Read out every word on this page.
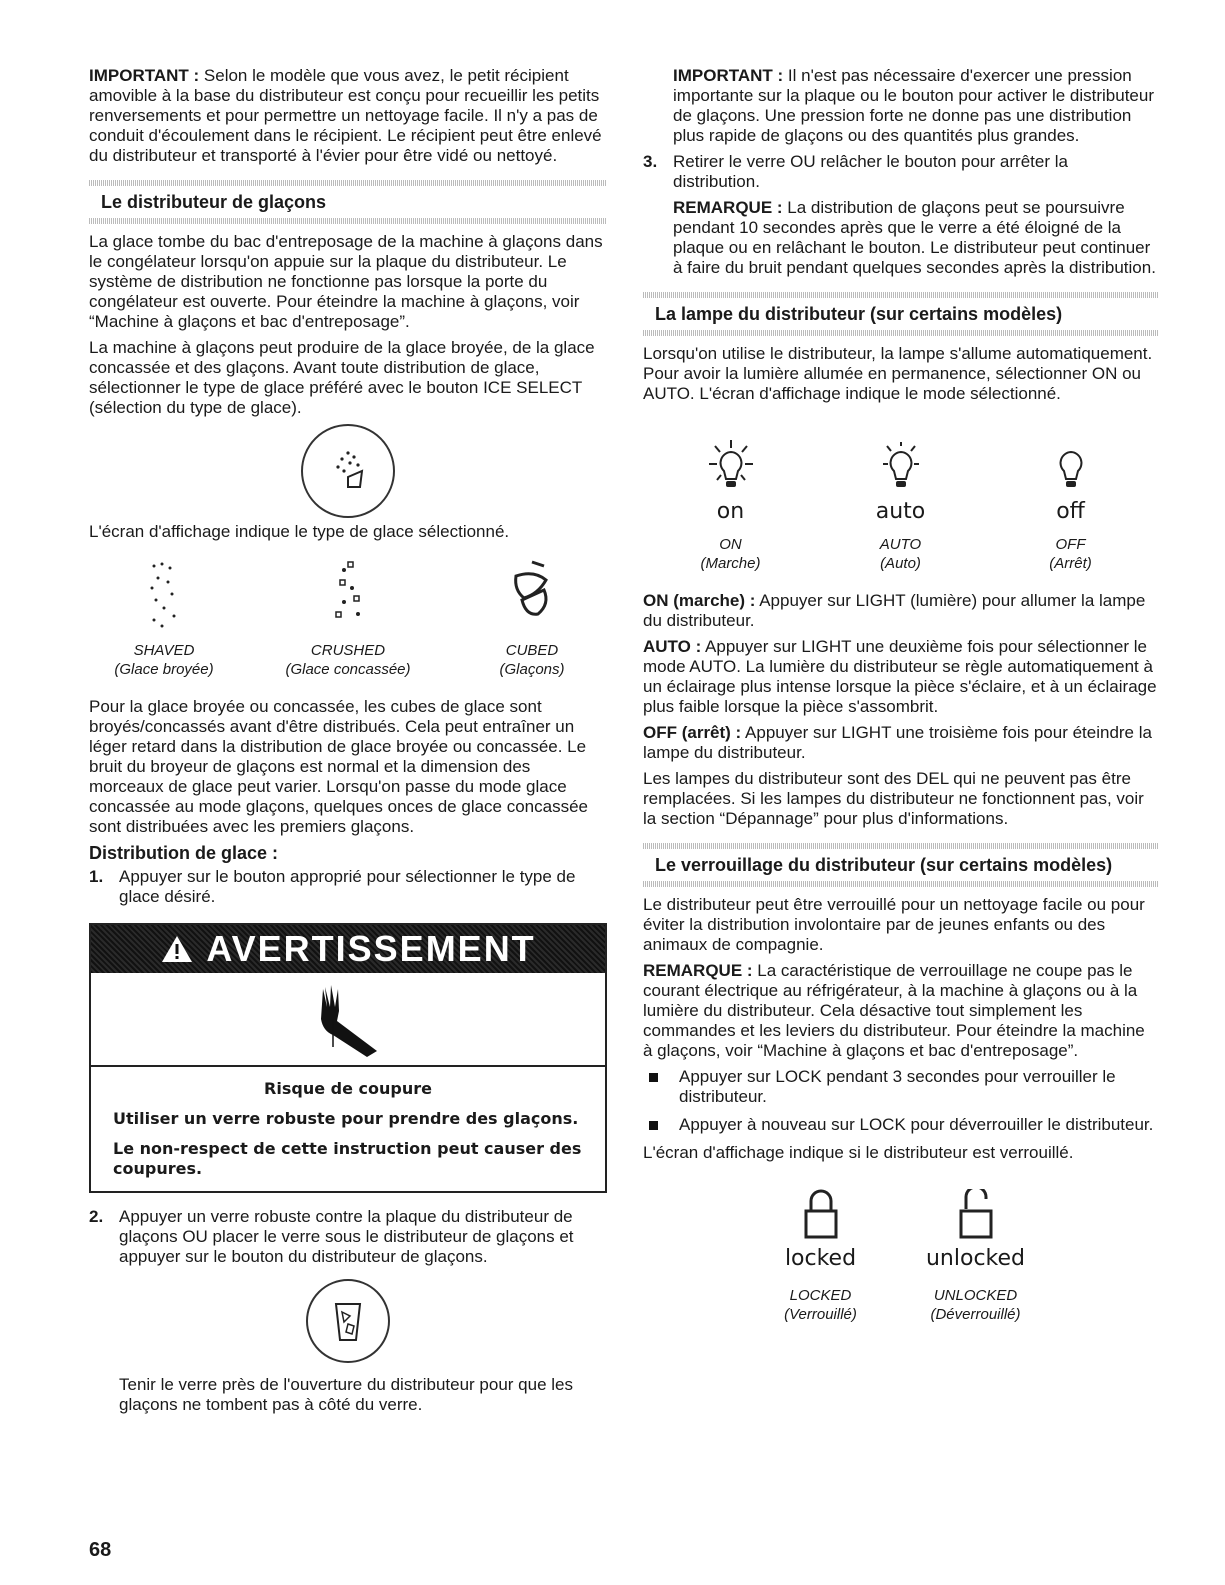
IMPORTANT : Selon le modèle que vous avez, le petit récipient amovible à la base du distributeur est conçu pour recueillir les petits renversements et pour permettre un nettoyage facile. Il n'y a pas de conduit d'écoulement dans le récipient. Le récipient peut être enlevé du distributeur et transporté à l'évier pour être vidé ou nettoyé.

Le distributeur de glaçons

La glace tombe du bac d'entreposage de la machine à glaçons dans le congélateur lorsqu'on appuie sur la plaque du distributeur. Le système de distribution ne fonctionne pas lorsque la porte du congélateur est ouverte. Pour éteindre la machine à glaçons, voir “Machine à glaçons et bac d'entreposage”.

La machine à glaçons peut produire de la glace broyée, de la glace concassée et des glaçons. Avant toute distribution de glace, sélectionner le type de glace préféré avec le bouton ICE SELECT (sélection du type de glace).

L'écran d'affichage indique le type de glace sélectionné.

SHAVED
(Glace broyée)
CRUSHED
(Glace concassée)
CUBED
(Glaçons)

Pour la glace broyée ou concassée, les cubes de glace sont broyés/concassés avant d'être distribués. Cela peut entraîner un léger retard dans la distribution de glace broyée ou concassée. Le bruit du broyeur de glaçons est normal et la dimension des morceaux de glace peut varier. Lorsqu'on passe du mode glace concassée au mode glaçons, quelques onces de glace concassée sont distribuées avec les premiers glaçons.

Distribution de glace :
1. Appuyer sur le bouton approprié pour sélectionner le type de glace désiré.
AVERTISSEMENT

Risque de coupure

Utiliser un verre robuste pour prendre des glaçons.

Le non-respect de cette instruction peut causer des coupures.

2. Appuyer un verre robuste contre la plaque du distributeur de glaçons OU placer le verre sous le distributeur de glaçons et appuyer sur le bouton du distributeur de glaçons.

Tenir le verre près de l'ouverture du distributeur pour que les glaçons ne tombent pas à côté du verre.

IMPORTANT : Il n'est pas nécessaire d'exercer une pression importante sur la plaque ou le bouton pour activer le distributeur de glaçons. Une pression forte ne donne pas une distribution plus rapide de glaçons ou des quantités plus grandes.

3. Retirer le verre OU relâcher le bouton pour arrêter la distribution.

REMARQUE : La distribution de glaçons peut se poursuivre pendant 10 secondes après que le verre a été éloigné de la plaque ou en relâchant le bouton. Le distributeur peut continuer à faire du bruit pendant quelques secondes après la distribution.

La lampe du distributeur (sur certains modèles)

Lorsqu'on utilise le distributeur, la lampe s'allume automatiquement. Pour avoir la lumière allumée en permanence, sélectionner ON ou AUTO. L'écran d'affichage indique le mode sélectionné.

on
ON
(Marche)
auto
AUTO
(Auto)
off
OFF
(Arrêt)

ON (marche) : Appuyer sur LIGHT (lumière) pour allumer la lampe du distributeur.

AUTO : Appuyer sur LIGHT une deuxième fois pour sélectionner le mode AUTO. La lumière du distributeur se règle automatiquement à un éclairage plus intense lorsque la pièce s'éclaire, et à un éclairage plus faible lorsque la pièce s'assombrit.

OFF (arrêt) : Appuyer sur LIGHT une troisième fois pour éteindre la lampe du distributeur.

Les lampes du distributeur sont des DEL qui ne peuvent pas être remplacées. Si les lampes du distributeur ne fonctionnent pas, voir la section “Dépannage” pour plus d'informations.

Le verrouillage du distributeur (sur certains modèles)

Le distributeur peut être verrouillé pour un nettoyage facile ou pour éviter la distribution involontaire par de jeunes enfants ou des animaux de compagnie.

REMARQUE : La caractéristique de verrouillage ne coupe pas le courant électrique au réfrigérateur, à la machine à glaçons ou à la lumière du distributeur. Cela désactive tout simplement les commandes et les leviers du distributeur. Pour éteindre la machine à glaçons, voir “Machine à glaçons et bac d'entreposage”.

Appuyer sur LOCK pendant 3 secondes pour verrouiller le distributeur.
Appuyer à nouveau sur LOCK pour déverrouiller le distributeur.

L'écran d'affichage indique si le distributeur est verrouillé.

locked
LOCKED
(Verrouillé)
unlocked
UNLOCKED
(Déverrouillé)
68
